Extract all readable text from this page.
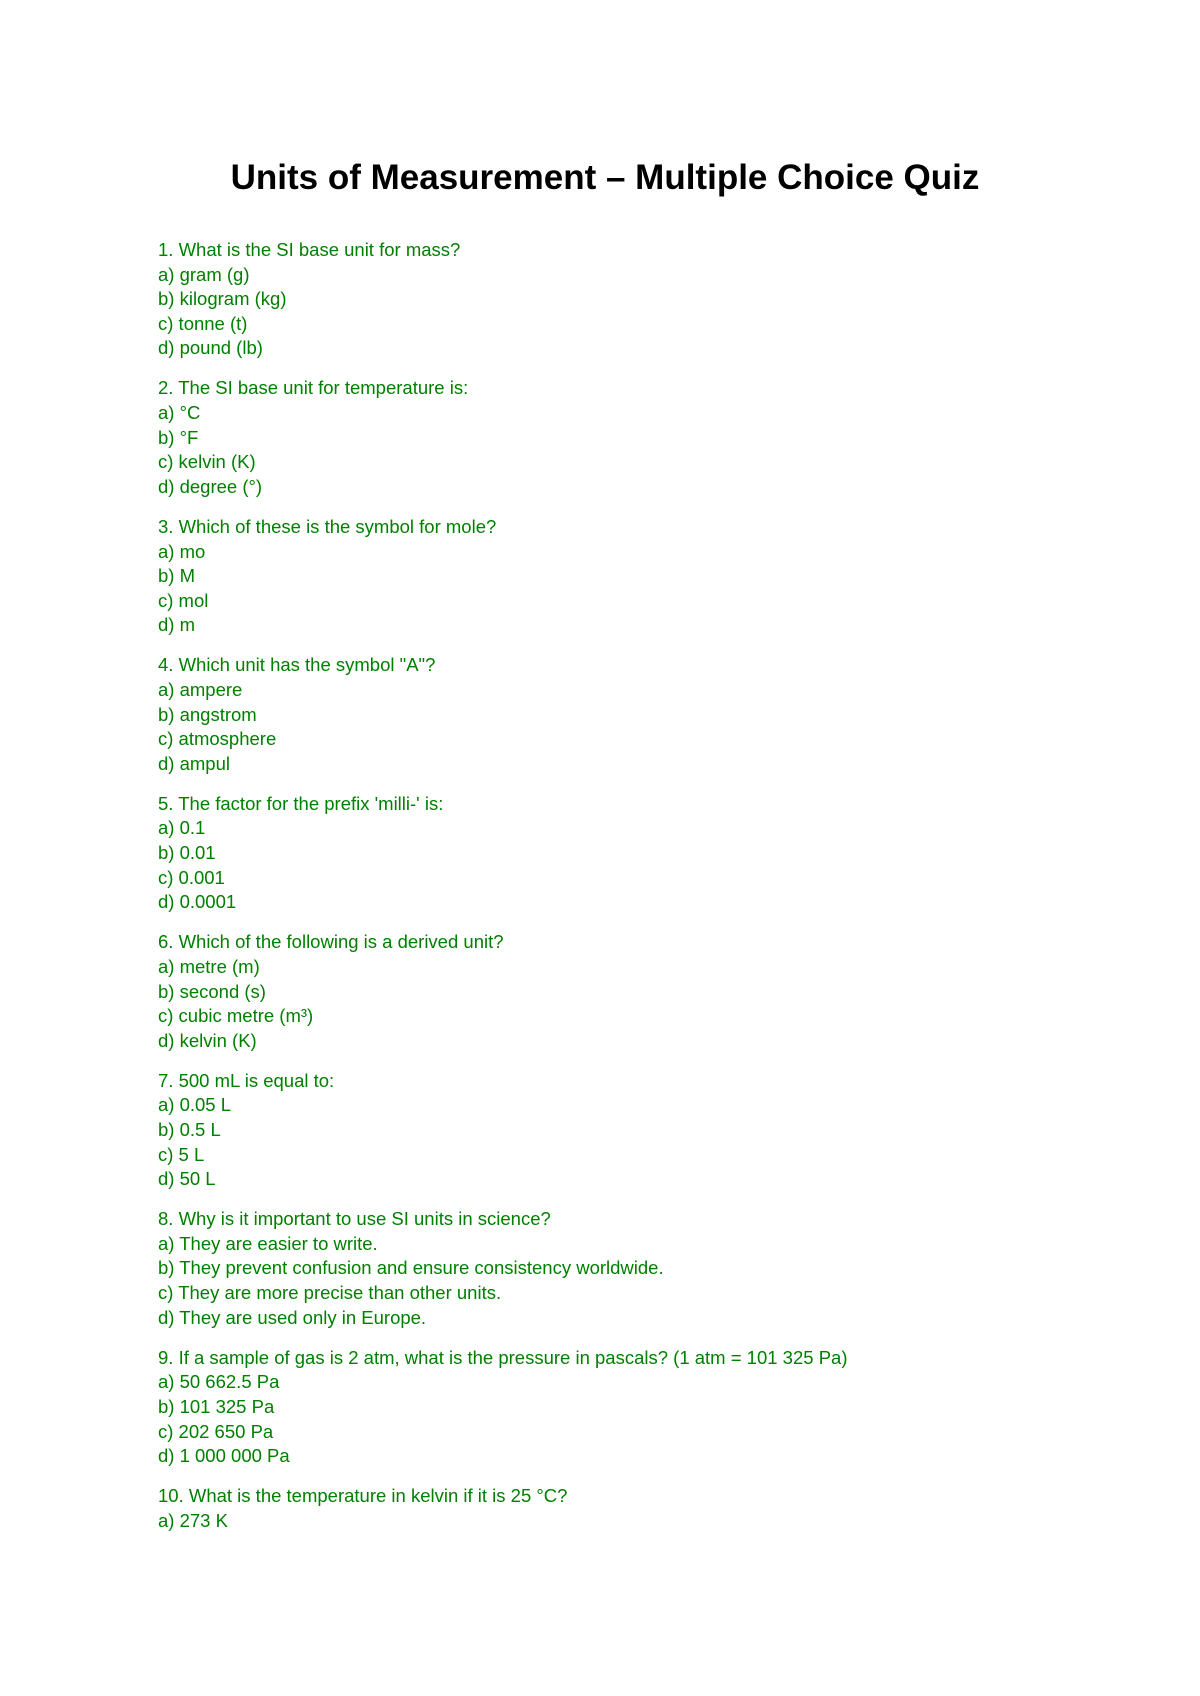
Units of Measurement – Multiple Choice Quiz
1. What is the SI base unit for mass?
a) gram (g)
b) kilogram (kg)
c) tonne (t)
d) pound (lb)
2. The SI base unit for temperature is:
a) °C
b) °F
c) kelvin (K)
d) degree (°)
3. Which of these is the symbol for mole?
a) mo
b) M
c) mol
d) m
4. Which unit has the symbol "A"?
a) ampere
b) angstrom
c) atmosphere
d) ampul
5. The factor for the prefix 'milli-' is:
a) 0.1
b) 0.01
c) 0.001
d) 0.0001
6. Which of the following is a derived unit?
a) metre (m)
b) second (s)
c) cubic metre (m³)
d) kelvin (K)
7. 500 mL is equal to:
a) 0.05 L
b) 0.5 L
c) 5 L
d) 50 L
8. Why is it important to use SI units in science?
a) They are easier to write.
b) They prevent confusion and ensure consistency worldwide.
c) They are more precise than other units.
d) They are used only in Europe.
9. If a sample of gas is 2 atm, what is the pressure in pascals? (1 atm = 101 325 Pa)
a) 50 662.5 Pa
b) 101 325 Pa
c) 202 650 Pa
d) 1 000 000 Pa
10. What is the temperature in kelvin if it is 25 °C?
a) 273 K
